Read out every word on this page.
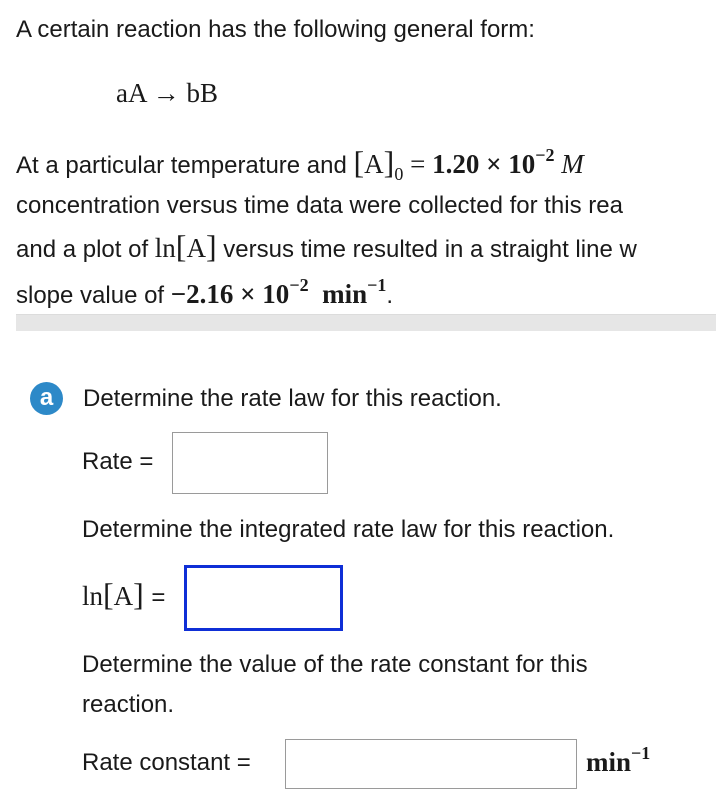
A certain reaction has the following general form:
aA → bB
At a particular temperature and $[A]_0 = 1.20 \times 10^{-2}$ M
concentration versus time data were collected for this rea
and a plot of ln[A] versus time resulted in a straight line w
slope value of $-2.16 \times 10^{-2}$ $\min^{-1}$.
a	Determine the rate law for this reaction.
Rate =
Determine the integrated rate law for this reaction.
ln[A] =
Determine the value of the rate constant for this
reaction.
Rate constant =	$\min^{-1}$
